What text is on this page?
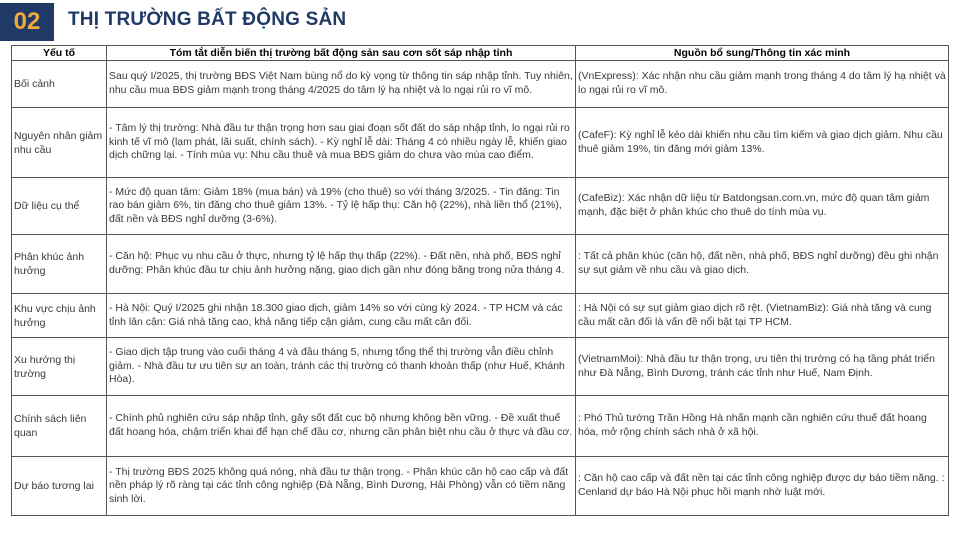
02	THỊ TRƯỜNG BẤT ĐỘNG SẢN
Yếu tố	Tóm tắt diễn biến thị trường bất động sản sau cơn sốt sáp nhập tỉnh	Nguồn bổ sung/Thông tin xác minh
Bối cảnh	Sau quý I/2025, thị trường BĐS Việt Nam bùng nổ do kỳ vọng từ thông tin sáp nhập tỉnh. Tuy nhiên, nhu cầu mua BĐS giảm mạnh trong tháng 4/2025 do tâm lý hạ nhiệt và lo ngại rủi ro vĩ mô.	(VnExpress): Xác nhận nhu cầu giảm mạnh trong tháng 4 do tâm lý hạ nhiệt và lo ngại rủi ro vĩ mô.
Nguyên nhân giảm nhu cầu	- Tâm lý thị trường: Nhà đầu tư thận trọng hơn sau giai đoạn sốt đất do sáp nhập tỉnh, lo ngại rủi ro kinh tế vĩ mô (lạm phát, lãi suất, chính sách). - Kỳ nghỉ lễ dài: Tháng 4 có nhiều ngày lễ, khiến giao dịch chững lại. - Tính mùa vụ: Nhu cầu thuê và mua BĐS giảm do chưa vào mùa cao điểm.	(CafeF): Kỳ nghỉ lễ kéo dài khiến nhu cầu tìm kiếm và giao dịch giảm. Nhu cầu thuê giảm 19%, tin đăng mới giảm 13%.
Dữ liệu cụ thể	- Mức độ quan tâm: Giảm 18% (mua bán) và 19% (cho thuê) so với tháng 3/2025. - Tin đăng: Tin rao bán giảm 6%, tin đăng cho thuê giảm 13%. - Tỷ lệ hấp thụ: Căn hộ (22%), nhà liền thổ (21%), đất nền và BĐS nghỉ dưỡng (3-6%).	(CafeBiz): Xác nhận dữ liệu từ Batdongsan.com.vn, mức độ quan tâm giảm mạnh, đặc biệt ở phân khúc cho thuê do tính mùa vụ.
Phân khúc ảnh hưởng	- Căn hộ: Phục vụ nhu cầu ở thực, nhưng tỷ lệ hấp thụ thấp (22%). - Đất nền, nhà phố, BĐS nghỉ dưỡng: Phân khúc đầu tư chịu ảnh hưởng nặng, giao dịch gần như đóng băng trong nửa tháng 4.	: Tất cả phân khúc (căn hộ, đất nền, nhà phố, BĐS nghỉ dưỡng) đều ghi nhận sự sụt giảm về nhu cầu và giao dịch.
Khu vực chịu ảnh hưởng	- Hà Nội: Quý I/2025 ghi nhận 18.300 giao dịch, giảm 14% so với cùng kỳ 2024. - TP HCM và các tỉnh lân cận: Giá nhà tăng cao, khả năng tiếp cận giảm, cung cầu mất cân đối.	: Hà Nội có sự sụt giảm giao dịch rõ rệt. (VietnamBiz): Giá nhà tăng và cung cầu mất cân đối là vấn đề nổi bật tại TP HCM.
Xu hướng thị trường	- Giao dịch tập trung vào cuối tháng 4 và đầu tháng 5, nhưng tổng thể thị trường vẫn điều chỉnh giảm. - Nhà đầu tư ưu tiên sự an toàn, tránh các thị trường có thanh khoản thấp (như Huế, Khánh Hòa).	(VietnamMoi): Nhà đầu tư thận trọng, ưu tiên thị trường có hạ tầng phát triển như Đà Nẵng, Bình Dương, tránh các tỉnh như Huế, Nam Định.
Chính sách liên quan	- Chính phủ nghiên cứu sáp nhập tỉnh, gây sốt đất cục bộ nhưng không bền vững. - Đề xuất thuế đất hoang hóa, chậm triển khai để hạn chế đầu cơ, nhưng cần phân biệt nhu cầu ở thực và đầu cơ.	: Phó Thủ tướng Trần Hồng Hà nhấn mạnh cần nghiên cứu thuế đất hoang hóa, mở rộng chính sách nhà ở xã hội.
Dự báo tương lai	- Thị trường BĐS 2025 không quá nóng, nhà đầu tư thận trọng. - Phân khúc căn hộ cao cấp và đất nền pháp lý rõ ràng tại các tỉnh công nghiệp (Đà Nẵng, Bình Dương, Hải Phòng) vẫn có tiềm năng sinh lời.	: Căn hộ cao cấp và đất nền tại các tỉnh công nghiệp được dự báo tiềm năng. : Cenland dự báo Hà Nội phục hồi mạnh nhờ luật mới.
